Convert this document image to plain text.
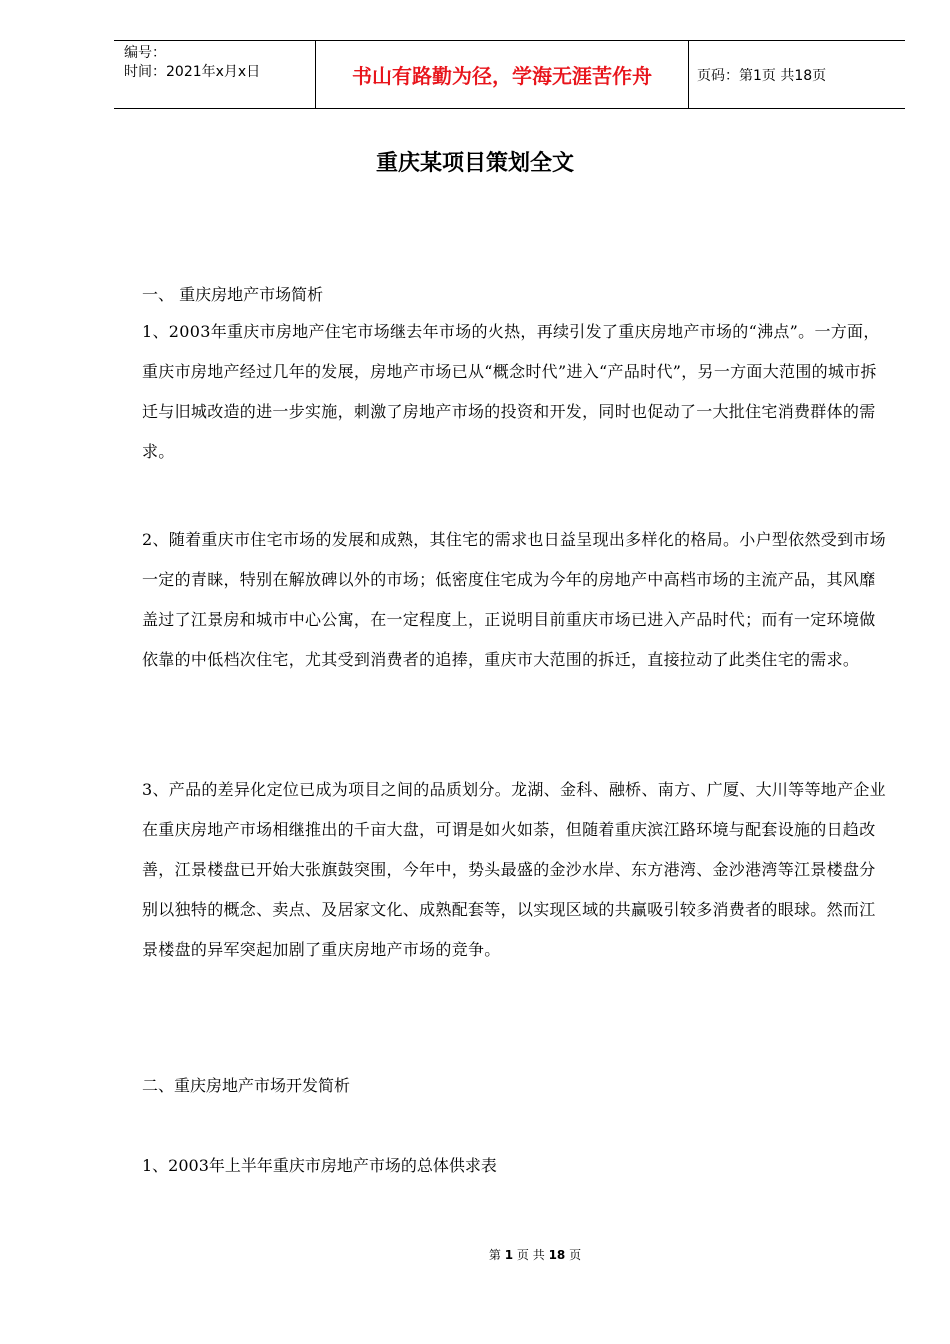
编号：
时间：2021年x月x日	书山有路勤为径，学海无涯苦作舟	页码：第1页 共18页
重庆某项目策划全文
一、 重庆房地产市场简析
1、2003年重庆市房地产住宅市场继去年市场的火热，再续引发了重庆房地产市场的“沸点”。一方面，重庆市房地产经过几年的发展，房地产市场已从“概念时代”进入“产品时代”，另一方面大范围的城市拆迁与旧城改造的进一步实施，刺激了房地产市场的投资和开发，同时也促动了一大批住宅消费群体的需求。
2、随着重庆市住宅市场的发展和成熟，其住宅的需求也日益呈现出多样化的格局。小户型依然受到市场一定的青睐，特别在解放碑以外的市场；低密度住宅成为今年的房地产中高档市场的主流产品，其风靡盖过了江景房和城市中心公寓，在一定程度上，正说明目前重庆市场已进入产品时代；而有一定环境做依靠的中低档次住宅，尤其受到消费者的追捧，重庆市大范围的拆迁，直接拉动了此类住宅的需求。
3、产品的差异化定位已成为项目之间的品质划分。龙湖、金科、融桥、南方、广厦、大川等等地产企业在重庆房地产市场相继推出的千亩大盘，可谓是如火如荼，但随着重庆滨江路环境与配套设施的日趋改善，江景楼盘已开始大张旗鼓突围，今年中，势头最盛的金沙水岸、东方港湾、金沙港湾等江景楼盘分别以独特的概念、卖点、及居家文化、成熟配套等，以实现区域的共赢吸引较多消费者的眼球。然而江景楼盘的异军突起加剧了重庆房地产市场的竞争。
二、重庆房地产市场开发简析
1、2003年上半年重庆市房地产市场的总体供求表
第 1 页 共 18 页
